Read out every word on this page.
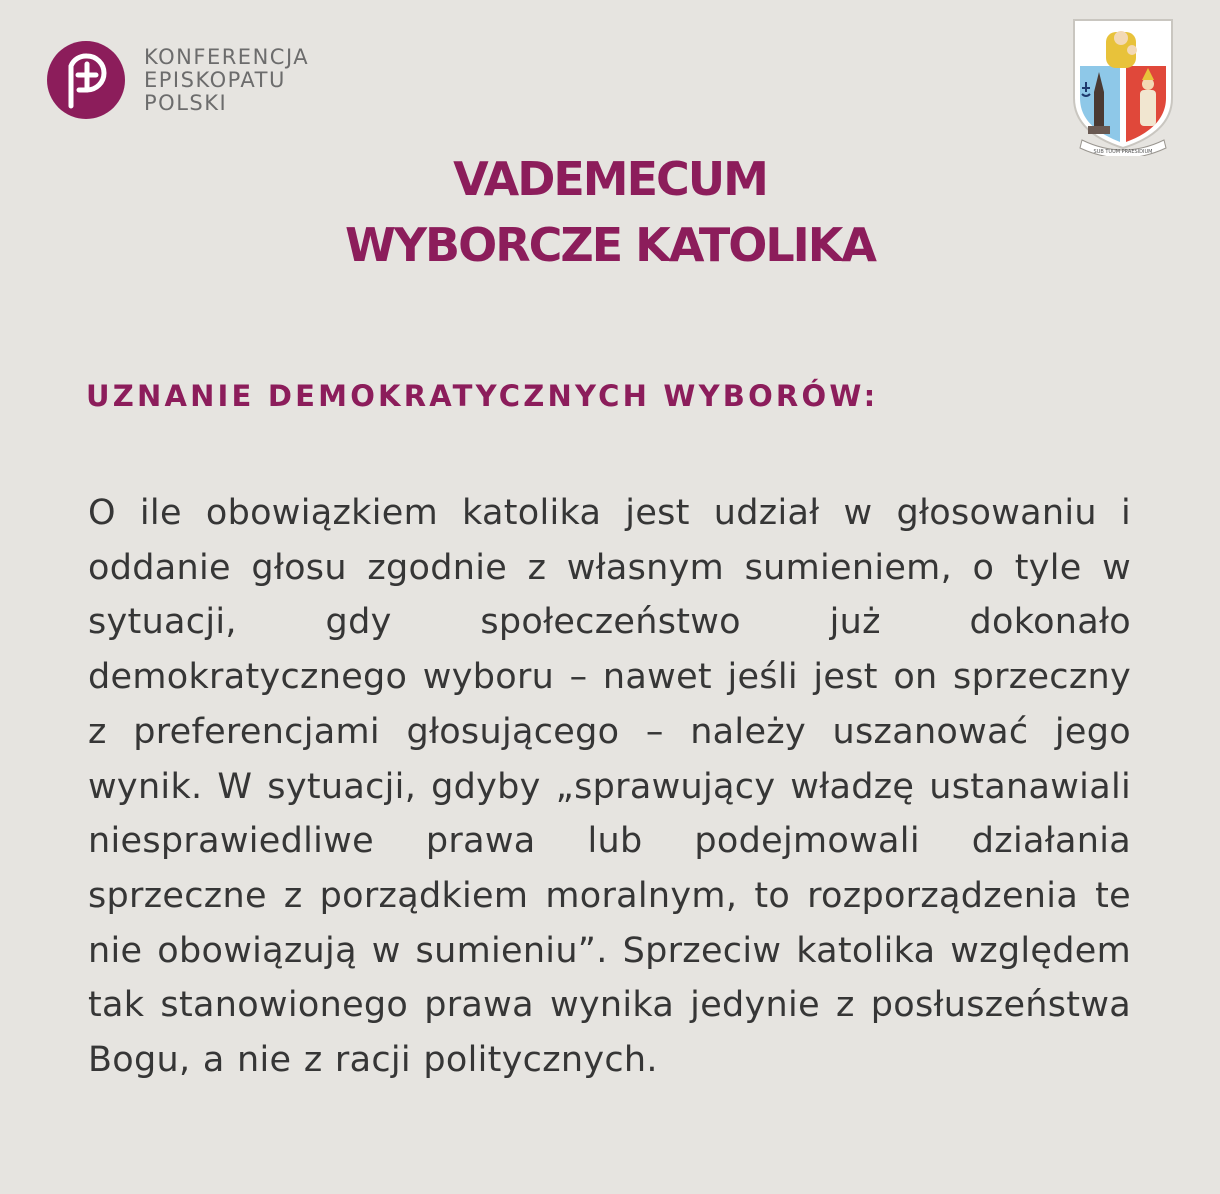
KONFERENCJA
EPISKOPATU
POLSKI
SUB TUUM PRAESIDIUM
VADEMECUM
WYBORCZE KATOLIKA
UZNANIE DEMOKRATYCZNYCH WYBORÓW:
O ile obowiązkiem katolika jest udział w głosowaniu i oddanie głosu zgodnie z własnym sumieniem, o tyle w sytuacji, gdy społeczeństwo już dokonało demokratycznego wyboru – nawet jeśli jest on sprzeczny z preferencjami głosującego – należy uszanować jego wynik. W sytuacji, gdyby „sprawujący władzę ustanawiali niesprawiedliwe prawa lub podejmowali działania sprzeczne z porządkiem moralnym, to rozporządzenia te nie obowiązują w sumieniu”. Sprzeciw katolika względem tak stanowionego prawa wynika jedynie z posłuszeństwa Bogu, a nie z racji politycznych.
